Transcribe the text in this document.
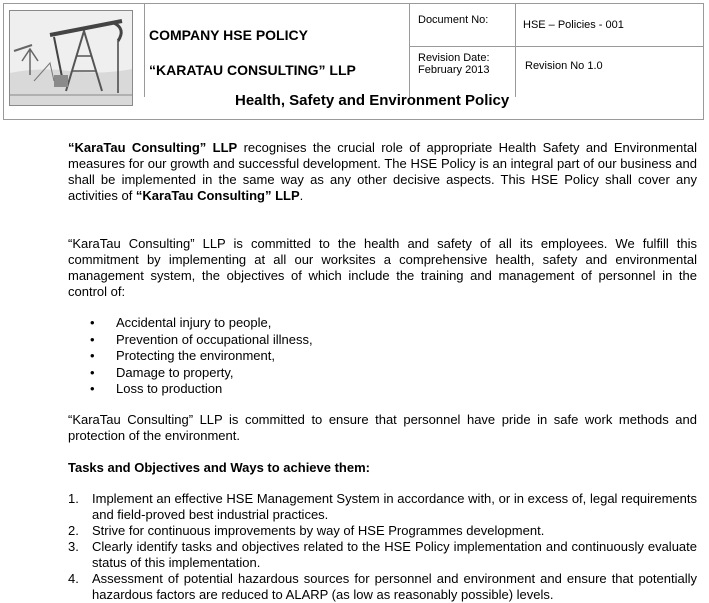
COMPANY HSE POLICY
“KARATAU CONSULTING” LLP
Health, Safety and Environment Policy
Document No:	HSE – Policies - 001
Revision Date:
February 2013	Revision No 1.0

“KaraTau Consulting” LLP recognises the crucial role of appropriate Health Safety and Environmental measures for our growth and successful development. The HSE Policy is an integral part of our business and shall be implemented in the same way as any other decisive aspects. This HSE Policy shall cover any activities of “KaraTau Consulting” LLP.

“KaraTau Consulting” LLP is committed to the health and safety of all its employees. We fulfill this commitment by implementing at all our worksites a comprehensive health, safety and environmental management system, the objectives of which include the training and management of personnel in the control of:

• Accidental injury to people,
• Prevention of occupational illness,
• Protecting the environment,
• Damage to property,
• Loss to production

“KaraTau Consulting” LLP is committed to ensure that personnel have pride in safe work methods and protection of the environment.

Tasks and Objectives and Ways to achieve them:

1. Implement an effective HSE Management System in accordance with, or in excess of, legal requirements and field-proved best industrial practices.
2. Strive for continuous improvements by way of HSE Programmes development.
3. Clearly identify tasks and objectives related to the HSE Policy implementation and continuously evaluate status of this implementation.
4. Assessment of potential hazardous sources for personnel and environment and ensure that potentially hazardous factors are reduced to ALARP (as low as reasonably possible) levels.
